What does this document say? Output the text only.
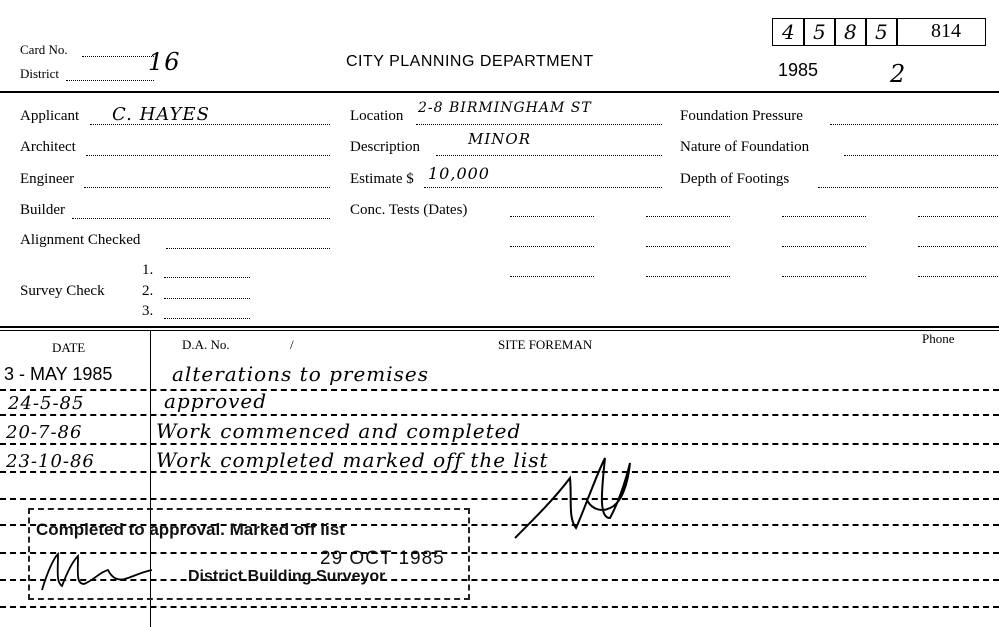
Card No.	16
District
CITY PLANNING DEPARTMENT
4 5 8 5 814
1985	2
Applicant C. HAYES
Architect
Engineer
Builder
Alignment Checked
Survey Check
1.
2.
3.
Location 2-8 BIRMINGHAM ST
Description	MINOR
Estimate $ 10,000
Conc. Tests (Dates)
Foundation Pressure
Nature of Foundation
Depth of Footings
DATE	D.A. No.	/	SITE FOREMAN	Phone
3 - MAY 1985	alterations to premises
24-5-85	approved
20-7-86	Work commenced and completed
23-10-86	Work completed marked off the list
Completed to approval. Marked off list
29 OCT 1985
District Building Surveyor
